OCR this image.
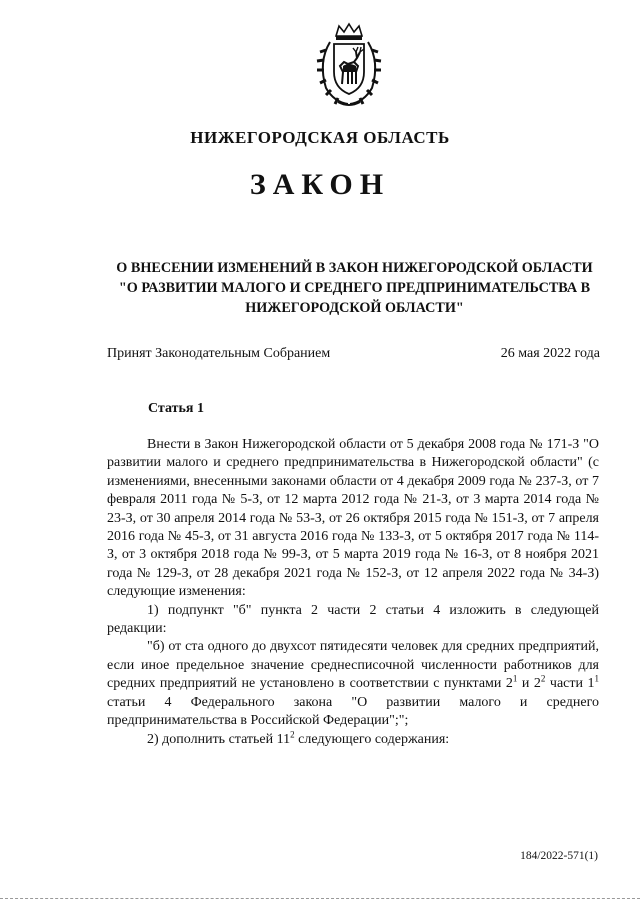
НИЖЕГОРОДСКАЯ ОБЛАСТЬ
ЗАКОН
О ВНЕСЕНИИ ИЗМЕНЕНИЙ В ЗАКОН НИЖЕГОРОДСКОЙ ОБЛАСТИ "О РАЗВИТИИ МАЛОГО И СРЕДНЕГО ПРЕДПРИНИМАТЕЛЬСТВА В НИЖЕГОРОДСКОЙ ОБЛАСТИ"
Принят Законодательным Собранием	26 мая 2022 года
Статья 1

Внести в Закон Нижегородской области от 5 декабря 2008 года № 171-З "О развитии малого и среднего предпринимательства в Нижегородской области" (с изменениями, внесенными законами области от 4 декабря 2009 года № 237-З, от 7 февраля 2011 года № 5-З, от 12 марта 2012 года № 21-З, от 3 марта 2014 года № 23-З, от 30 апреля 2014 года № 53-З, от 26 октября 2015 года № 151-З, от 7 апреля 2016 года № 45-З, от 31 августа 2016 года № 133-З, от 5 октября 2017 года № 114-З, от 3 октября 2018 года № 99-З, от 5 марта 2019 года № 16-З, от 8 ноября 2021 года № 129-З, от 28 декабря 2021 года № 152-З, от 12 апреля 2022 года № 34-З) следующие изменения:

1) подпункт "б" пункта 2 части 2 статьи 4 изложить в следующей редакции:

"б) от ста одного до двухсот пятидесяти человек для средних предприятий, если иное предельное значение среднесписочной численности работников для средних предприятий не установлено в соответствии с пунктами $2^1$ и $2^2$ части $1^1$ статьи 4 Федерального закона "О развитии малого и среднего предпринимательства в Российской Федерации";";

2) дополнить статьей $11^2$ следующего содержания:

184/2022-571(1)
